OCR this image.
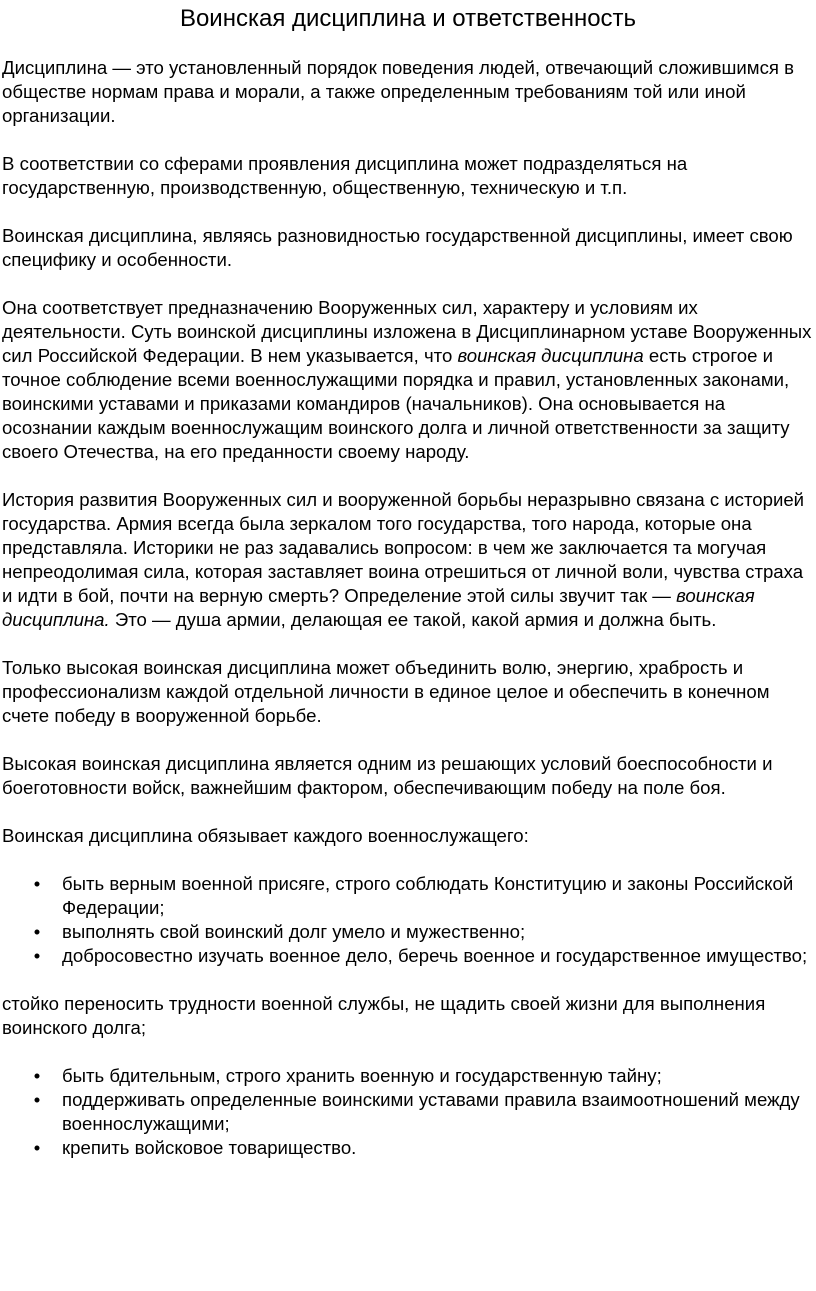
Воинская дисциплина и ответственность

Дисциплина — это установленный порядок поведения людей, отвечающий сложившимся в обществе нормам права и морали, а также определенным требованиям той или иной организации.

В соответствии со сферами проявления дисциплина может подразделяться на государственную, производственную, общественную, техническую и т.п.

Воинская дисциплина, являясь разновидностью государственной дисциплины, имеет свою специфику и особенности.

Она соответствует предназначению Вооруженных сил, характеру и условиям их деятельности. Суть воинской дисциплины изложена в Дисциплинарном уставе Вооруженных сил Российской Федерации. В нем указывается, что воинская дисциплина есть строгое и точное соблюдение всеми военнослужащими порядка и правил, установленных законами, воинскими уставами и приказами командиров (начальников). Она основывается на осознании каждым военнослужащим воинского долга и личной ответственности за защиту своего Отечества, на его преданности своему народу.

История развития Вооруженных сил и вооруженной борьбы неразрывно связана с историей государства. Армия всегда была зеркалом того государства, того народа, которые она представляла. Историки не раз задавались вопросом: в чем же заключается та могучая непреодолимая сила, которая заставляет воина отрешиться от личной воли, чувства страха и идти в бой, почти на верную смерть? Определение этой силы звучит так — воинская дисциплина. Это — душа армии, делающая ее такой, какой армия и должна быть.

Только высокая воинская дисциплина может объединить волю, энергию, храбрость и профессионализм каждой отдельной личности в единое целое и обеспечить в конечном счете победу в вооруженной борьбе.

Высокая воинская дисциплина является одним из решающих условий боеспособности и боеготовности войск, важнейшим фактором, обеспечивающим победу на поле боя.

Воинская дисциплина обязывает каждого военнослужащего:

• быть верным военной присяге, строго соблюдать Конституцию и законы Российской Федерации;
• выполнять свой воинский долг умело и мужественно;
• добросовестно изучать военное дело, беречь военное и государственное имущество;

стойко переносить трудности военной службы, не щадить своей жизни для выполнения воинского долга;

• быть бдительным, строго хранить военную и государственную тайну;
• поддерживать определенные воинскими уставами правила взаимоотношений между военнослужащими;
• крепить войсковое товарищество.
